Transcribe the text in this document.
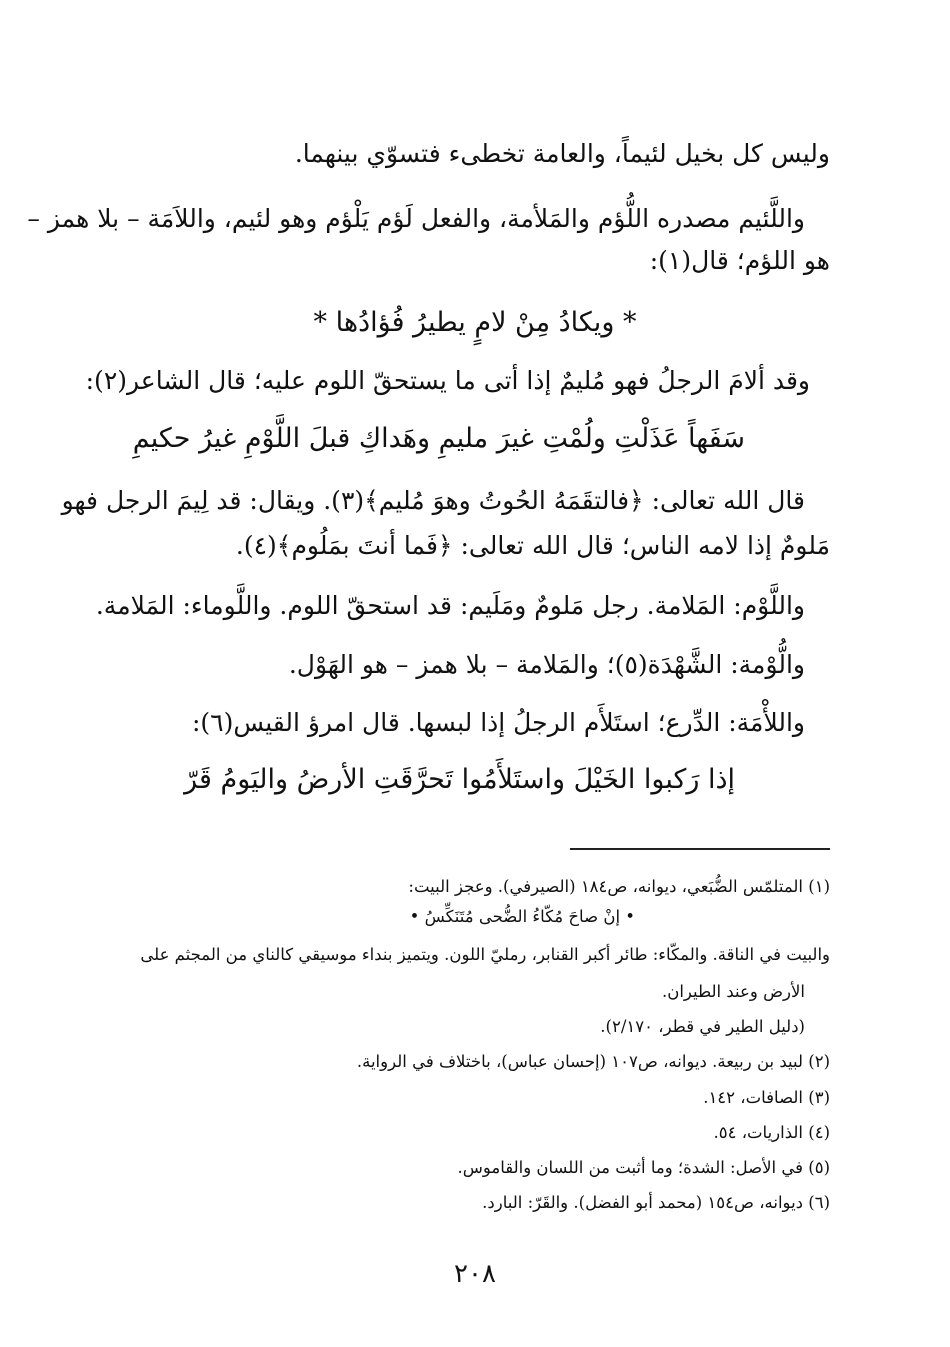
وليس كل بخيل لئيماً، والعامة تخطىء فتسوّي بينهما.
واللَّئيم مصدره اللُّؤم والمَلأمة، والفعل لَؤم يَلْؤم وهو لئيم، واللاَمَة – بلا همز –
هو اللؤم؛ قال(١):
* ويكادُ مِنْ لامٍ يطيرُ فُؤادُها *
وقد ألامَ الرجلُ فهو مُليمٌ إذا أتى ما يستحقّ اللوم عليه؛ قال الشاعر(٢):
سَفَهاً عَذَلْتِ ولُمْتِ غيرَ مليمِ وهَداكِ قبلَ اللَّوْمِ غيرُ حكيمِ
قال الله تعالى: ﴿فالتقَمَهُ الحُوتُ وهوَ مُليم﴾(٣). ويقال: قد لِيمَ الرجل فهو
مَلومٌ إذا لامه الناس؛ قال الله تعالى: ﴿فَما أنتَ بمَلُوم﴾(٤).
واللَّوْم: المَلامة. رجل مَلومٌ ومَلَيم: قد استحقّ اللوم. واللَّوماء: المَلامة.
والُّوْمة: الشَّهْدَة(٥)؛ والمَلامة – بلا همز – هو الهَوْل.
واللأْمَة: الدِّرع؛ استَلأَم الرجلُ إذا لبسها. قال امرؤ القيس(٦):
إذا رَكبوا الخَيْلَ واستَلأَمُوا تَحرَّقَتِ الأرضُ واليَومُ قَرّ
(١) المتلمّس الضُّبَعي، ديوانه، ص١٨٤ (الصيرفي). وعجز البيت:
• إنْ صاحَ مُكّاءُ الضُّحى مُتَنَكِّسُ •
والبيت في الناقة. والمكّاء: طائر أكبر القنابر، رمليّ اللون. ويتميز بنداء موسيقي كالناي من المجثم على
الأرض وعند الطيران.
(دليل الطير في قطر، ٢/١٧٠).
(٢) لبيد بن ربيعة. ديوانه، ص١٠٧ (إحسان عباس)، باختلاف في الرواية.
(٣) الصافات، ١٤٢.
(٤) الذاريات، ٥٤.
(٥) في الأصل: الشدة؛ وما أثبت من اللسان والقاموس.
(٦) ديوانه، ص١٥٤ (محمد أبو الفضل). والقَرّ: البارد.
٢٠٨
